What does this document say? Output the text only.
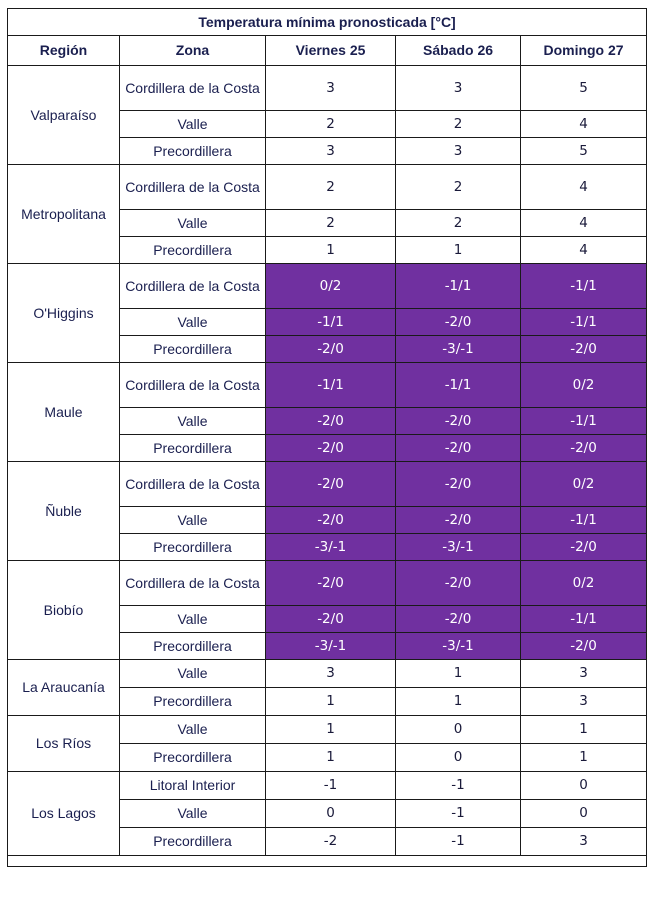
Temperatura mínima pronosticada [°C]				
Región	Zona	Viernes 25	Sábado 26	Domingo 27
Valparaíso	Cordillera de la Costa	3	3	5
	Valle	2	2	4
	Precordillera	3	3	5
Metropolitana	Cordillera de la Costa	2	2	4
	Valle	2	2	4
	Precordillera	1	1	4
O'Higgins	Cordillera de la Costa	0/2	-1/1	-1/1
	Valle	-1/1	-2/0	-1/1
	Precordillera	-2/0	-3/-1	-2/0
Maule	Cordillera de la Costa	-1/1	-1/1	0/2
	Valle	-2/0	-2/0	-1/1
	Precordillera	-2/0	-2/0	-2/0
Ñuble	Cordillera de la Costa	-2/0	-2/0	0/2
	Valle	-2/0	-2/0	-1/1
	Precordillera	-3/-1	-3/-1	-2/0
Biobío	Cordillera de la Costa	-2/0	-2/0	0/2
	Valle	-2/0	-2/0	-1/1
	Precordillera	-3/-1	-3/-1	-2/0
La Araucanía	Valle	3	1	3
	Precordillera	1	1	3
Los Ríos	Valle	1	0	1
	Precordillera	1	0	1
Los Lagos	Litoral Interior	-1	-1	0
	Valle	0	-1	0
	Precordillera	-2	-1	3
